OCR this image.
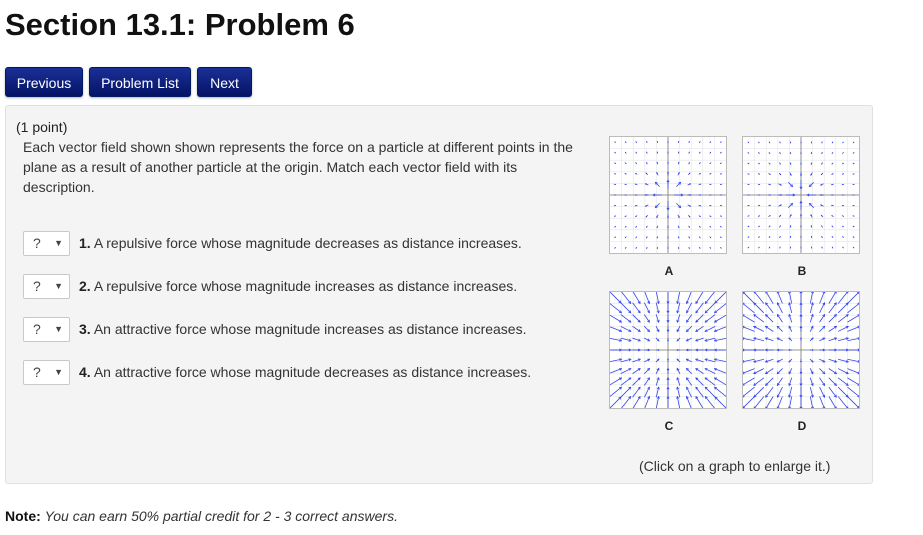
Section 13.1: Problem 6
Previous	Problem List	Next
(1 point)
Each vector field shown shown represents the force on a particle at different points in the plane as a result of another particle at the origin. Match each vector field with its description.
? ▼ 1. A repulsive force whose magnitude decreases as distance increases.
? ▼ 2. A repulsive force whose magnitude increases as distance increases.
? ▼ 3. An attractive force whose magnitude increases as distance increases.
? ▼ 4. An attractive force whose magnitude decreases as distance increases.
A	B
C	D
(Click on a graph to enlarge it.)
Note: You can earn 50% partial credit for 2 - 3 correct answers.
